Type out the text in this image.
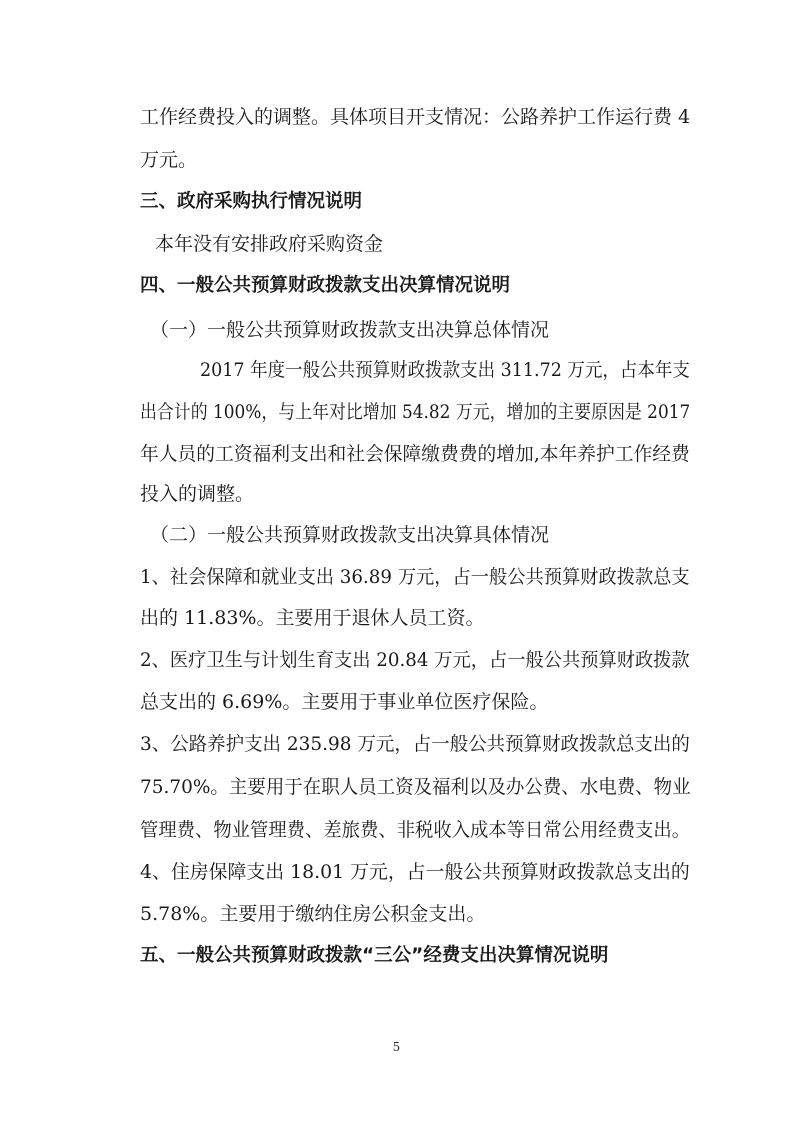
工作经费投入的调整。具体项目开支情况：公路养护工作运行费 4

万元。

三、政府采购执行情况说明

本年没有安排政府采购资金

四、一般公共预算财政拨款支出决算情况说明

（一）一般公共预算财政拨款支出决算总体情况

2017 年度一般公共预算财政拨款支出 311.72 万元，占本年支

出合计的 100%，与上年对比增加 54.82 万元，增加的主要原因是 2017

年人员的工资福利支出和社会保障缴费费的增加,本年养护工作经费

投入的调整。

（二）一般公共预算财政拨款支出决算具体情况

1、社会保障和就业支出 36.89 万元，占一般公共预算财政拨款总支

出的 11.83%。主要用于退休人员工资。

2、医疗卫生与计划生育支出 20.84 万元，占一般公共预算财政拨款

总支出的 6.69%。主要用于事业单位医疗保险。

3、公路养护支出 235.98 万元，占一般公共预算财政拨款总支出的

75.70%。主要用于在职人员工资及福利以及办公费、水电费、物业

管理费、物业管理费、差旅费、非税收入成本等日常公用经费支出。

4、住房保障支出 18.01 万元，占一般公共预算财政拨款总支出的

5.78%。主要用于缴纳住房公积金支出。

五、一般公共预算财政拨款“三公”经费支出决算情况说明

5
